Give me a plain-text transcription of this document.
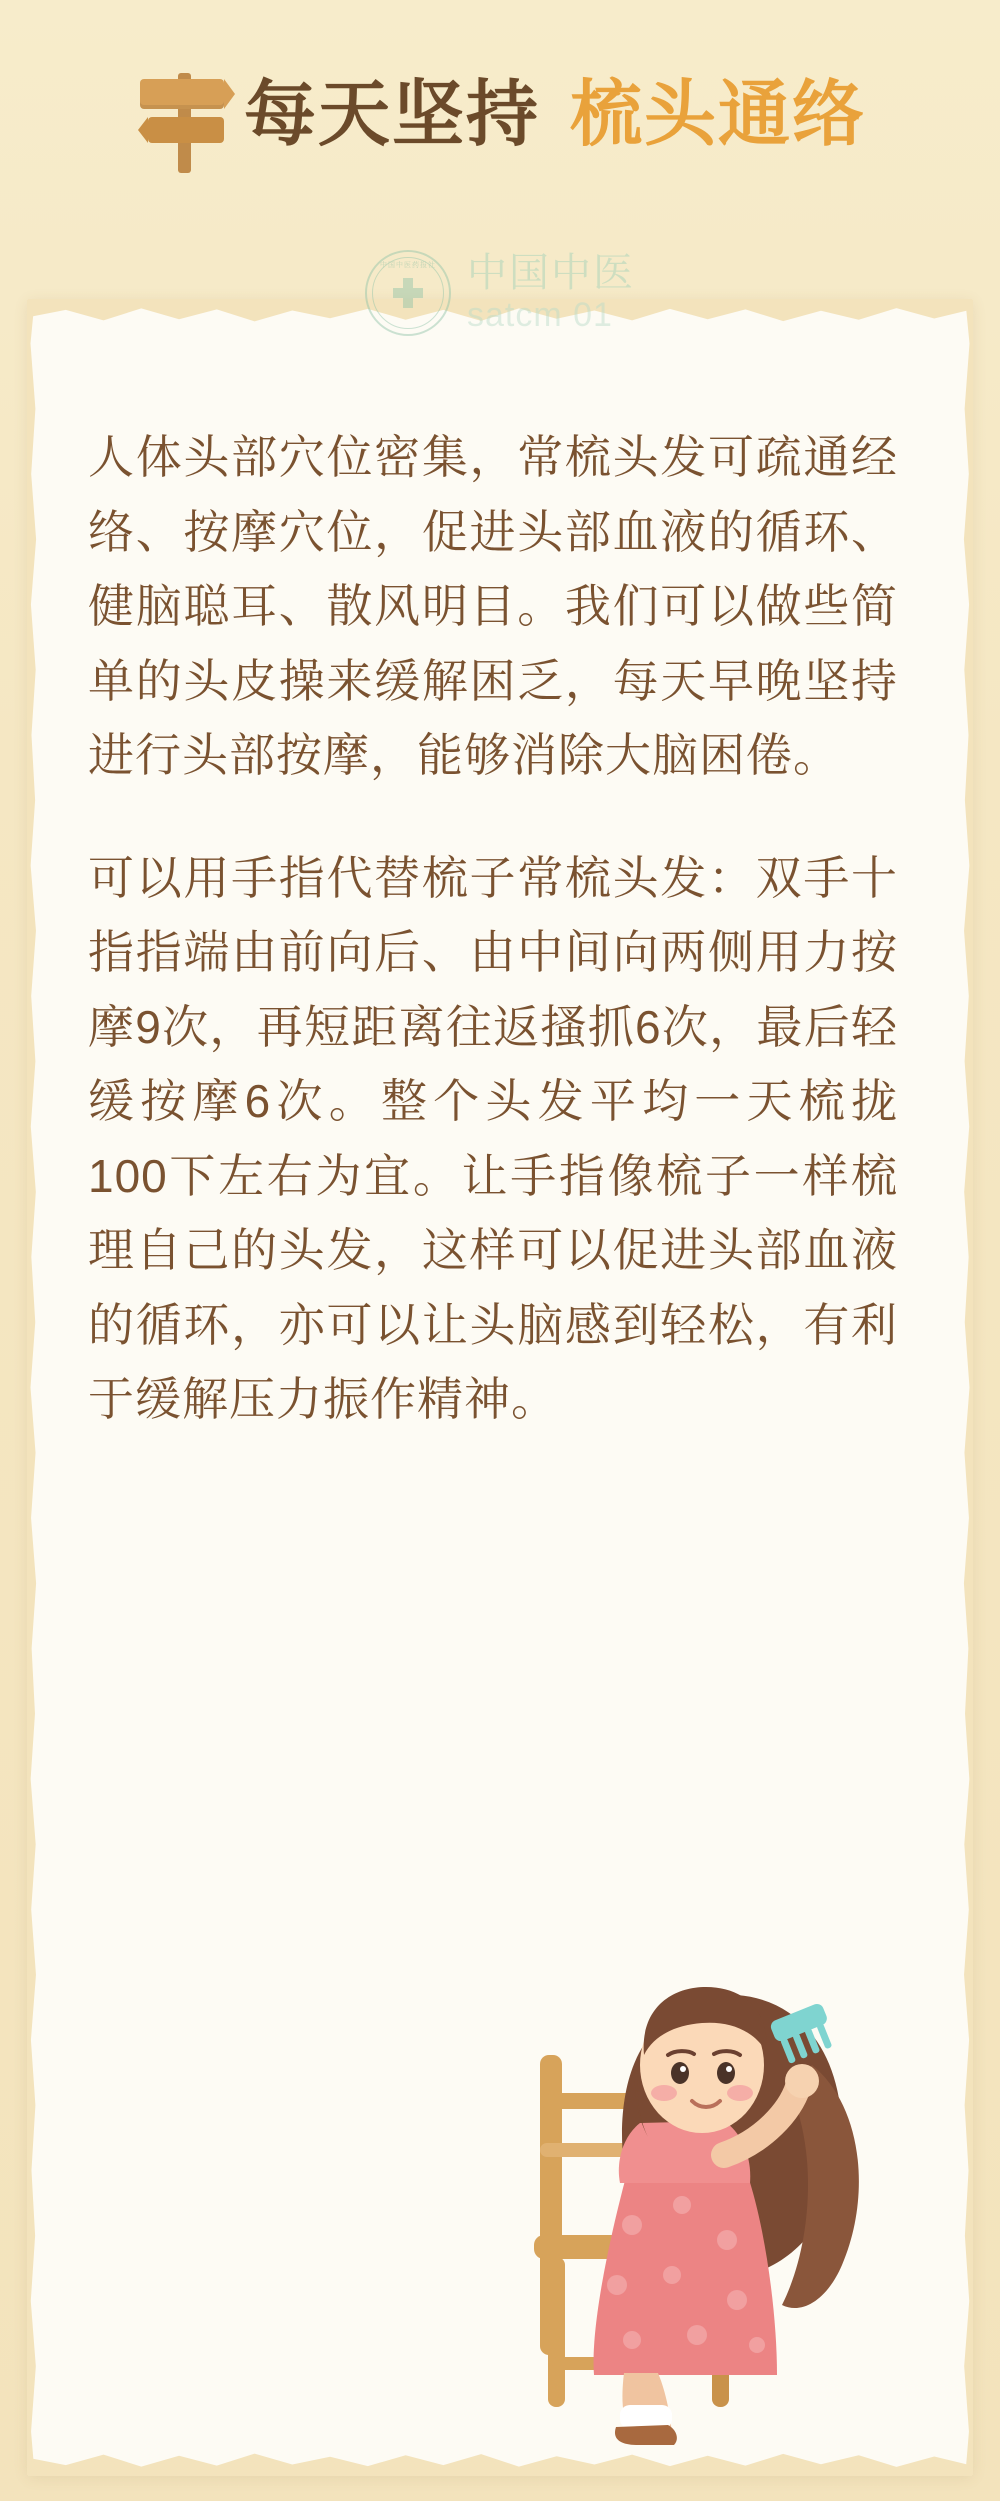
每天坚持 梳头通络
中国中医药报社 中国中医
satcm 01

人体头部穴位密集，常梳头发可疏通经络、按摩穴位，促进头部血液的循环、健脑聪耳、散风明目。我们可以做些简单的头皮操来缓解困乏，每天早晚坚持进行头部按摩，能够消除大脑困倦。

可以用手指代替梳子常梳头发：双手十指指端由前向后、由中间向两侧用力按摩9次，再短距离往返搔抓6次，最后轻缓按摩6次。整个头发平均一天梳拢100下左右为宜。让手指像梳子一样梳理自己的头发，这样可以促进头部血液的循环，亦可以让头脑感到轻松，有利于缓解压力振作精神。
